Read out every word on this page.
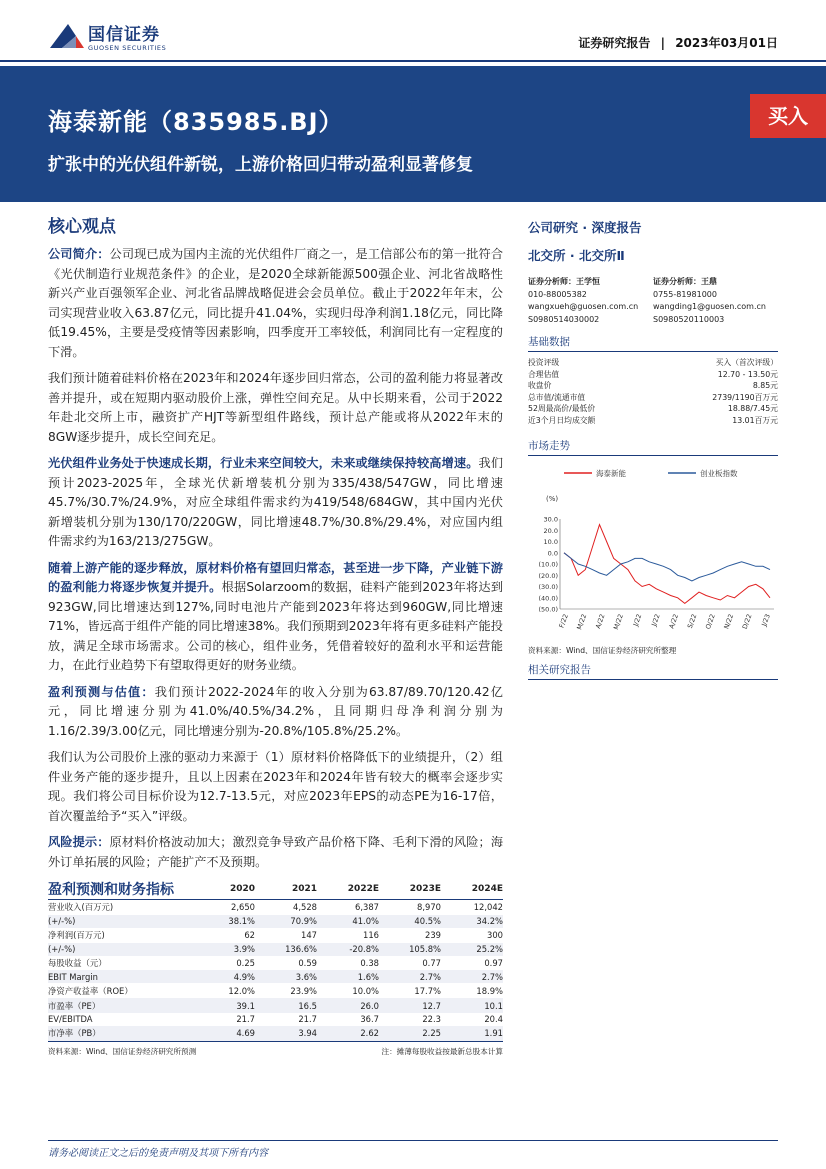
国信证券
GUOSEN SECURITIES	证券研究报告 | 2023年03月01日
海泰新能（835985.BJ）
扩张中的光伏组件新锐，上游价格回归带动盈利显著修复
买入
核心观点
公司简介：公司现已成为国内主流的光伏组件厂商之一，是工信部公布的第一批符合《光伏制造行业规范条件》的企业，是2020全球新能源500强企业、河北省战略性新兴产业百强领军企业、河北省品牌战略促进会会员单位。截止于2022年年末，公司实现营业收入63.87亿元，同比提升41.04%，实现归母净利润1.18亿元，同比降低19.45%，主要是受疫情等因素影响，四季度开工率较低，利润同比有一定程度的下滑。
我们预计随着硅料价格在2023年和2024年逐步回归常态，公司的盈利能力将显著改善并提升，或在短期内驱动股价上涨，弹性空间充足。从中长期来看，公司于2022年赴北交所上市，融资扩产HJT等新型组件路线，预计总产能或将从2022年末的8GW逐步提升，成长空间充足。
光伏组件业务处于快速成长期，行业未来空间较大，未来或继续保持较高增速。我们预计2023-2025年，全球光伏新增装机分别为335/438/547GW，同比增速45.7%/30.7%/24.9%，对应全球组件需求约为419/548/684GW，其中国内光伏新增装机分别为130/170/220GW，同比增速48.7%/30.8%/29.4%，对应国内组件需求约为163/213/275GW。
随着上游产能的逐步释放，原材料价格有望回归常态，甚至进一步下降，产业链下游的盈利能力将逐步恢复并提升。根据Solarzoom的数据，硅料产能到2023年将达到923GW,同比增速达到127%,同时电池片产能到2023年将达到960GW,同比增速71%，皆远高于组件产能的同比增速38%。我们预期到2023年将有更多硅料产能投放，满足全球市场需求。公司的核心，组件业务，凭借着较好的盈利水平和运营能力，在此行业趋势下有望取得更好的财务业绩。
盈利预测与估值：我们预计2022-2024年的收入分别为63.87/89.70/120.42亿元，同比增速分别为41.0%/40.5%/34.2%，且同期归母净利润分别为1.16/2.39/3.00亿元，同比增速分别为-20.8%/105.8%/25.2%。
我们认为公司股价上涨的驱动力来源于（1）原材料价格降低下的业绩提升，（2）组件业务产能的逐步提升，且以上因素在2023年和2024年皆有较大的概率会逐步实现。我们将公司目标价设为12.7-13.5元，对应2023年EPS的动态PE为16-17倍，首次覆盖给予“买入”评级。
风险提示：原材料价格波动加大；激烈竞争导致产品价格下降、毛利下滑的风险；海外订单拓展的风险；产能扩产不及预期。
盈利预测和财务指标	2020	2021	2022E	2023E	2024E
营业收入(百万元)	2,650	4,528	6,387	8,970	12,042
(+/-%)	38.1%	70.9%	41.0%	40.5%	34.2%
净利润(百万元)	62	147	116	239	300
(+/-%)	3.9%	136.6%	-20.8%	105.8%	25.2%
每股收益（元）	0.25	0.59	0.38	0.77	0.97
EBIT Margin	4.9%	3.6%	1.6%	2.7%	2.7%
净资产收益率（ROE）	12.0%	23.9%	10.0%	17.7%	18.9%
市盈率（PE）	39.1	16.5	26.0	12.7	10.1
EV/EBITDA	21.7	21.7	36.7	22.3	20.4
市净率（PB）	4.69	3.94	2.62	2.25	1.91
资料来源：Wind、国信证券经济研究所预测	注：摊薄每股收益按最新总股本计算
公司研究 · 深度报告
北交所 · 北交所Ⅱ
证券分析师：王学恒
010-88005382
wangxueh@guosen.com.cn
S0980514030002
证券分析师：王鼎
0755-81981000
wangding1@guosen.com.cn
S0980520110003
基础数据
投资评级	买入（首次评级）
合理估值	12.70 - 13.50元
收盘价	8.85元
总市值/流通市值	2739/1190百万元
52周最高价/最低价	18.88/7.45元
近3个月日均成交额	13.01百万元
市场走势
海泰新能	创业板指数
(%)
30.0
20.0
10.0
0.0
(10.0)
(20.0)
(30.0)
(40.0)
(50.0)
F/22 M/22 A/22 M/22 J/22 J/22 A/22 S/22 O/22 N/22 D/22 J/23
资料来源：Wind、国信证券经济研究所整理
相关研究报告
请务必阅读正文之后的免责声明及其项下所有内容
